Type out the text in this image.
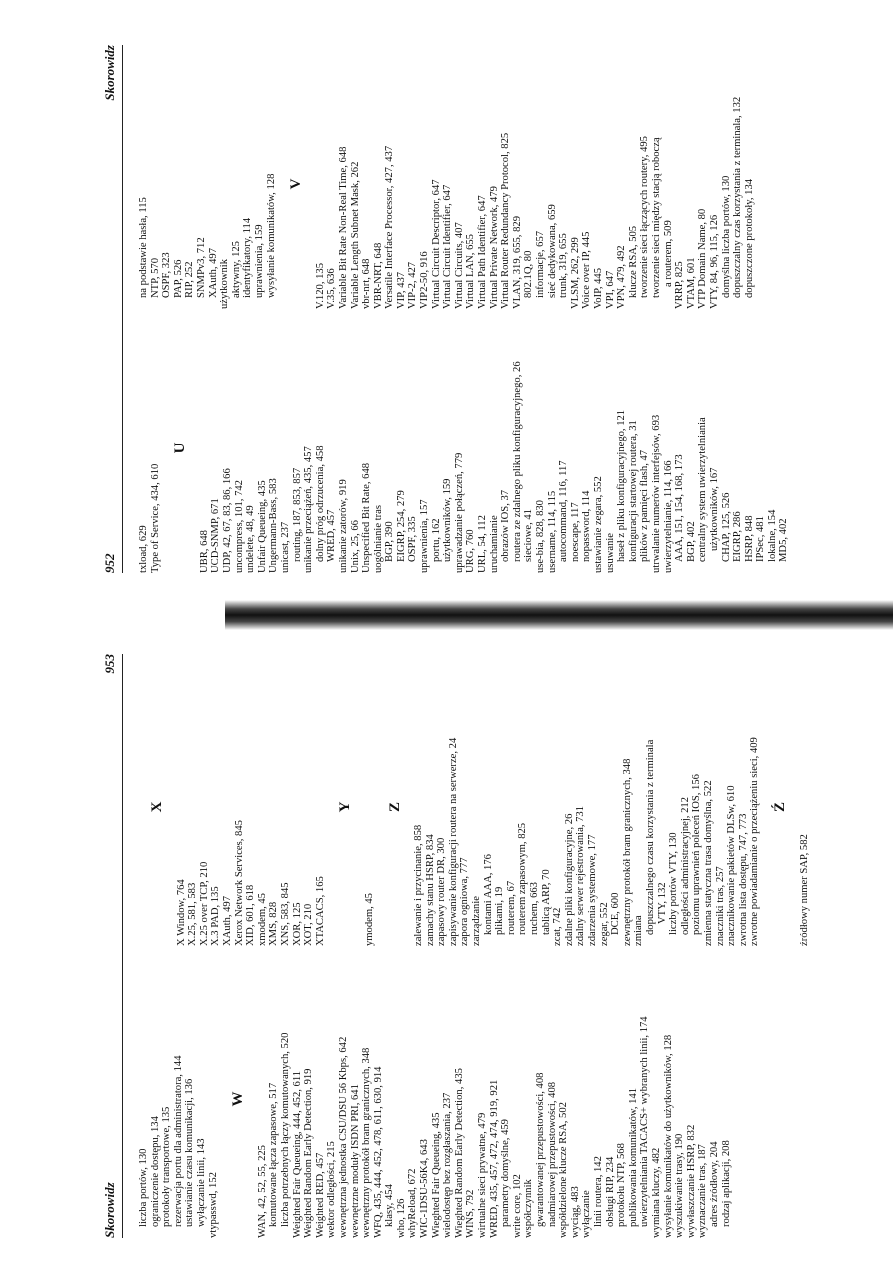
952
Skorowidz
txload, 629 Type of Service, 434, 610
U
UBR, 648 UCD-SNMP, 671 UDP, 42, 67, 83, 86, 166 uncompress, 101, 742 undelete, 48, 49 Unfair Queueing, 435 Ungermann-Bass, 583 unicast, 237 routing, 187, 853, 857 unikanie przeciążeń, 435, 457 dolny próg odrzucenia, 458 WRED, 457 unikanie zatorów, 919 Unix, 25, 66 Unspecified Bit Rate, 648 uogólnianie tras BGP, 390 EIGRP, 254, 279 OSPF, 335 uprawnienia, 157 portu, 162 użytkowników, 159 uprawadzanie połączeń, 779 URG, 760 URL, 54, 112 uruchamianie obrazów IOS, 37 routera ze zdalnego pliku konfiguracyjnego, 26 sieciowe, 41 use-bia, 828, 830 username, 114, 115 autocommand, 116, 117 noescape, 117 nopassword, 114 ustawianie zegara, 552 usuwanie haseł z pliku konfiguracyjnego, 121 konfiguracji startowej routera, 31 plików z pamięci flash, 47 utrwalanie numerów interfejsów, 693 uwierzytelnianie, 114, 166 AAA, 151, 154, 168, 173 BGP, 402 centralny system uwierzytelniania użytkowników, 167 CHAP, 125, 526 EIGRP, 286 HSRP, 848 IPSec, 481 lokalne, 154 MD5, 402
na podstawie hasła, 115 NTP, 570 OSPF, 323 PAP, 526 RIP, 252 SNMPv3, 712 XAuth, 497 użytkownik aktywny, 125 identyfikatory, 114 uprawnienia, 159 wysyłanie komunikatów, 128 V
V.120, 135 V.35, 636 Variable Bit Rate Non-Real Time, 648 Variable Length Subnet Mask, 262 vbr-nrt, 648 VBR-NRT, 648 Versatile Interface Processor, 427, 437 VIP, 437 VIP-2, 427 VIP2-50, 916 Virtual Circuit Descriptor, 647 Virtual Circuit Identifier, 647 Virtual Circuits, 407 Virtual LAN, 655 Virtual Path Identifier, 647 Virtual Private Network, 479 Virtual Router Redundancy Protocol, 825 VLAN, 319, 655, 829 802.1Q, 80 informacje, 657 sieć dedykowana, 659 trunk, 319, 655 VLSM, 262, 299 Voice over IP, 445 VoIP, 445 VPI, 647 VPN, 479, 492 klucze RSA, 505 tworzenie sieci łączących routery, 495 tworzenie sieci między stacją roboczą a routerem, 509 VRRP, 825 VTAM, 601 VTP Domain Name, 80 VTY, 84, 96, 115, 126 domyślna liczba portów, 130 dopuszczalny czas korzystania z terminala, 132 dopuszczone protokoły, 134
Skorowidz
953
liczba portów, 130 ograniczenie dostępu, 134 protokoły transportowe, 135 rezerwacja portu dla administratora, 144 ustawianie czasu komunikacji, 136 wyłączanie linii, 143 vtypasswd, 152
W
WAN, 42, 52, 55, 225 komutowane łącza zapasowe, 517 liczba potrzebnych łączy komutowanych, 520 Weighted Fair Queueing, 444, 452, 611 Weighted Random Early Detection, 919 Weighted RED, 457 wektor odległości, 215 wewnętrzna jednostka CSU/DSU 56 Kbps, 642 wewnętrzne moduły ISDN PRI, 641 wewnętrzny protokół bram granicznych, 348 WFQ, 435, 444, 452, 478, 611, 630, 914 klasy, 454 who, 126 whyReload, 672 WIC-1DSU-56K4, 643 Wieghted Fair Queueing, 435 wielodostęp bez rozgłaszania, 237 Wieghted Random Early Detection, 435 WINS, 792 wirtualne sieci prywatne, 479 WRED, 435, 457, 472, 474, 919, 921 parametry domyślne, 459 write core, 102 współczynnik gwarantowanej przepustowości, 408 nadmiarowej przepustowości, 408 współdzielone klucze RSA, 502 wyciąg, 483 wyłączanie linii routera, 142 obsługi RIP, 234 protokołu NTP, 568 publikowania komunikatów, 141 uwierzytelniania TACACS+ wybranych linii, 174 wymiana kluczy, 482 wysyłanie komunikatów do użytkowników, 128 wyszukiwanie trasy, 190 wywłaszczanie HSRP, 832 wyznaczanie tras, 187 adres źródłowy, 204 rodzaj aplikacji, 208
X
X Window, 764 X.25, 581, 583 X.25 over TCP, 210 X.3 PAD, 135 XAuth, 497 Xerox Network Services, 845 XID, 601, 618 xmodem, 45 XMS, 828 XNS, 583, 845 XOR, 125 XOT, 210 XTACACS, 165
Y
ymodem, 45
Z
zalewanie i przycinanie, 858 zamachy stanu HSRP, 834 zapasowy router DR, 300 zapisywanie konfiguracji routera na serwerze, 24 zapora ogniowa, 777 zarządzanie kontami AAA, 176 plikami, 19 routerem, 67 routerem zapasowym, 825 ruchem, 663 tablicą ARP, 70 zcat, 742 zdalne pliki konfiguracyjne, 26 zdalny serwer rejestrowania, 731 zdarzenia systemowe, 177 zegar, 552 DCE, 600 zewnętrzny protokół bram granicznych, 348 zmiana dopuszczalnego czasu korzystania z terminala VTY, 132 liczby portów VTY, 130 odległości administracyjnej, 212 poziomu uprawnień poleceń IOS, 156 zmienna statyczna trasa domyślna, 522 znaczniki tras, 257 znacznikowanie pakietów DLSw, 610 zwrotna lista dostępu, 747, 773 zwrotne powiadamianie o przeciążeniu sieci, 409 Ź
źródłowy numer SAP, 582
